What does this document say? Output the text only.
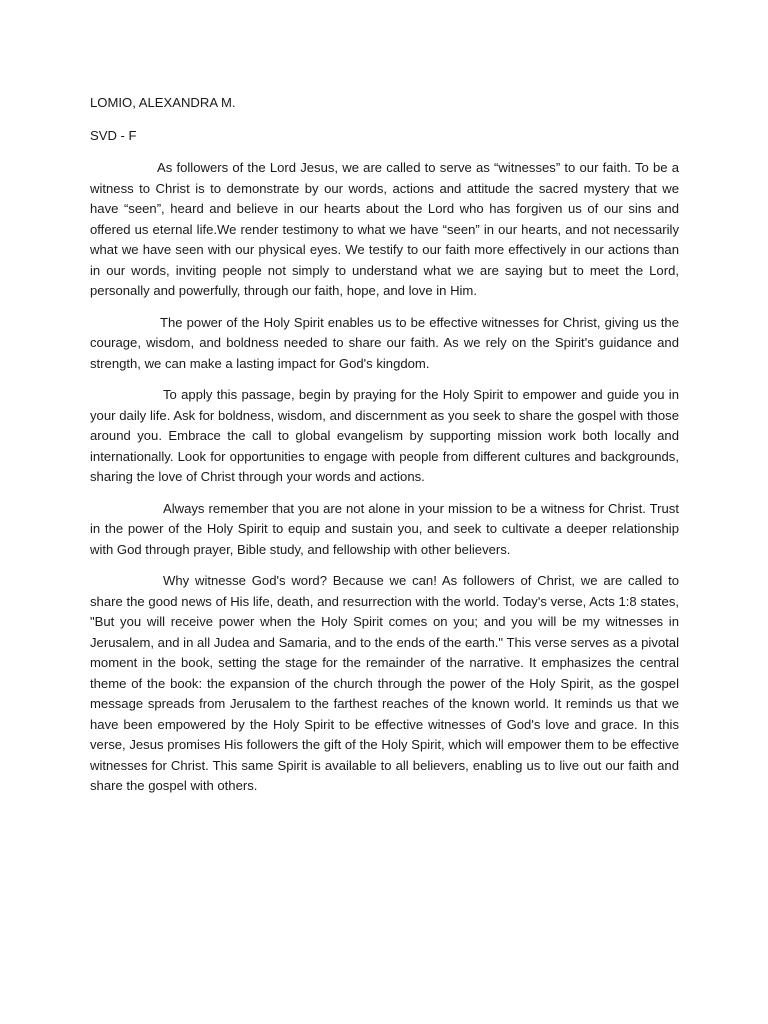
LOMIO, ALEXANDRA M.

SVD - F

As followers of the Lord Jesus, we are called to serve as “witnesses” to our faith. To be a witness to Christ is to demonstrate by our words, actions and attitude the sacred mystery that we have “seen”, heard and believe in our hearts about the Lord who has forgiven us of our sins and offered us eternal life.We render testimony to what we have “seen” in our hearts, and not necessarily what we have seen with our physical eyes. We testify to our faith more effectively in our actions than in our words, inviting people not simply to understand what we are saying but to meet the Lord, personally and powerfully, through our faith, hope, and love in Him.

The power of the Holy Spirit enables us to be effective witnesses for Christ, giving us the courage, wisdom, and boldness needed to share our faith. As we rely on the Spirit's guidance and strength, we can make a lasting impact for God's kingdom.

To apply this passage, begin by praying for the Holy Spirit to empower and guide you in your daily life. Ask for boldness, wisdom, and discernment as you seek to share the gospel with those around you. Embrace the call to global evangelism by supporting mission work both locally and internationally. Look for opportunities to engage with people from different cultures and backgrounds, sharing the love of Christ through your words and actions.

Always remember that you are not alone in your mission to be a witness for Christ. Trust in the power of the Holy Spirit to equip and sustain you, and seek to cultivate a deeper relationship with God through prayer, Bible study, and fellowship with other believers.

Why witnesse God's word? Because we can! As followers of Christ, we are called to share the good news of His life, death, and resurrection with the world. Today's verse, Acts 1:8 states, "But you will receive power when the Holy Spirit comes on you; and you will be my witnesses in Jerusalem, and in all Judea and Samaria, and to the ends of the earth." This verse serves as a pivotal moment in the book, setting the stage for the remainder of the narrative. It emphasizes the central theme of the book: the expansion of the church through the power of the Holy Spirit, as the gospel message spreads from Jerusalem to the farthest reaches of the known world. It reminds us that we have been empowered by the Holy Spirit to be effective witnesses of God's love and grace. In this verse, Jesus promises His followers the gift of the Holy Spirit, which will empower them to be effective witnesses for Christ. This same Spirit is available to all believers, enabling us to live out our faith and share the gospel with others.
